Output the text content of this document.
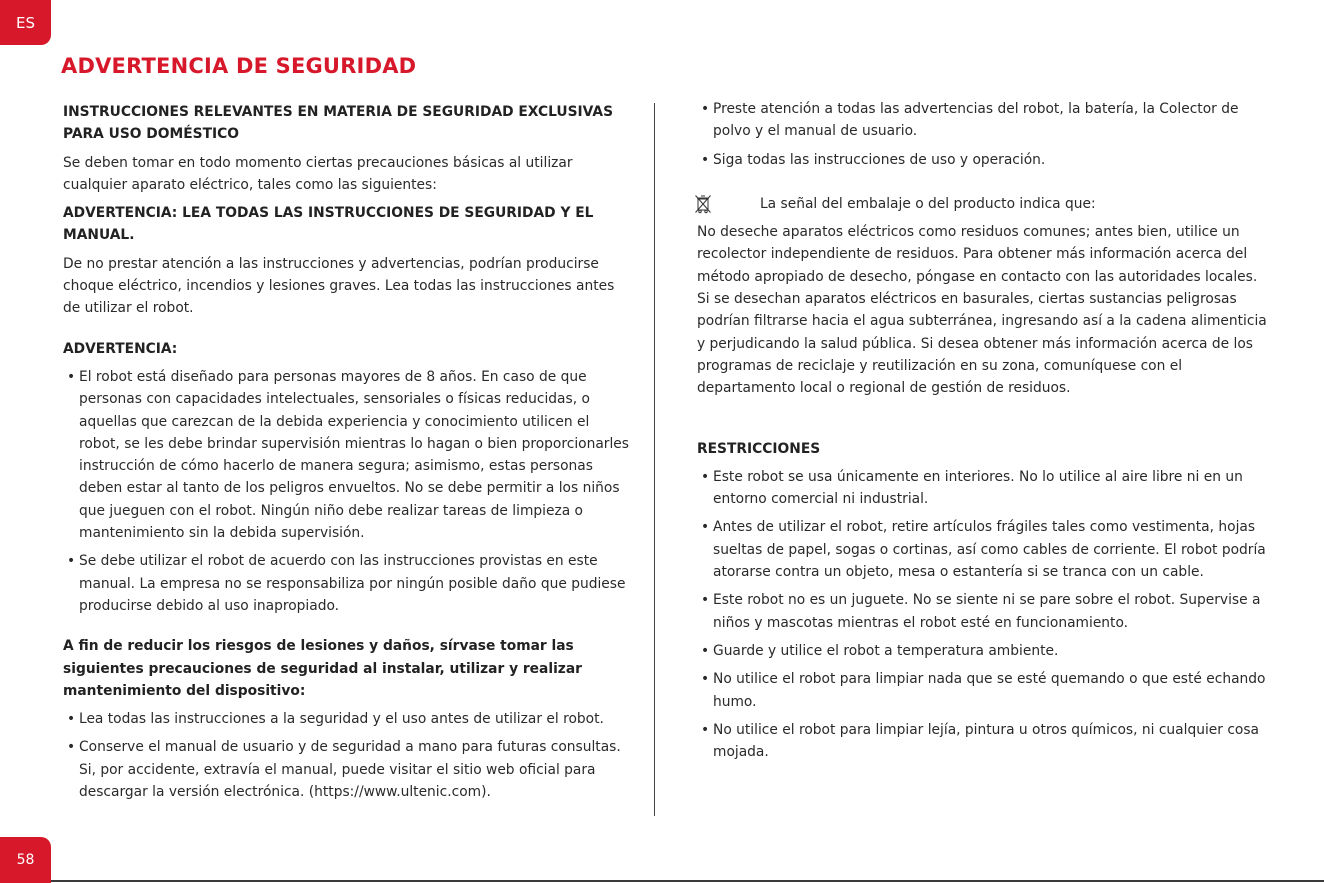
ES
ADVERTENCIA DE SEGURIDAD

INSTRUCCIONES RELEVANTES EN MATERIA DE SEGURIDAD EXCLUSIVAS PARA USO DOMÉSTICO

Se deben tomar en todo momento ciertas precauciones básicas al utilizar cualquier aparato eléctrico, tales como las siguientes:

ADVERTENCIA: LEA TODAS LAS INSTRUCCIONES DE SEGURIDAD Y EL MANUAL.

De no prestar atención a las instrucciones y advertencias, podrían producirse choque eléctrico, incendios y lesiones graves. Lea todas las instrucciones antes de utilizar el robot.

ADVERTENCIA:

• El robot está diseñado para personas mayores de 8 años. En caso de que personas con capacidades intelectuales, sensoriales o físicas reducidas, o aquellas que carezcan de la debida experiencia y conocimiento utilicen el robot, se les debe brindar supervisión mientras lo hagan o bien proporcionarles instrucción de cómo hacerlo de manera segura; asimismo, estas personas deben estar al tanto de los peligros envueltos. No se debe permitir a los niños que jueguen con el robot. Ningún niño debe realizar tareas de limpieza o mantenimiento sin la debida supervisión.
• Se debe utilizar el robot de acuerdo con las instrucciones provistas en este manual. La empresa no se responsabiliza por ningún posible daño que pudiese producirse debido al uso inapropiado.

A fin de reducir los riesgos de lesiones y daños, sírvase tomar las siguientes precauciones de seguridad al instalar, utilizar y realizar mantenimiento del dispositivo:

• Lea todas las instrucciones a la seguridad y el uso antes de utilizar el robot.
• Conserve el manual de usuario y de seguridad a mano para futuras consultas. Si, por accidente, extravía el manual, puede visitar el sitio web oficial para descargar la versión electrónica. (https://www.ultenic.com).
• Preste atención a todas las advertencias del robot, la batería, la Colector de polvo y el manual de usuario.
• Siga todas las instrucciones de uso y operación.
La señal del embalaje o del producto indica que:

No deseche aparatos eléctricos como residuos comunes; antes bien, utilice un recolector independiente de residuos. Para obtener más información acerca del método apropiado de desecho, póngase en contacto con las autoridades locales. Si se desechan aparatos eléctricos en basurales, ciertas sustancias peligrosas podrían filtrarse hacia el agua subterránea, ingresando así a la cadena alimenticia y perjudicando la salud pública. Si desea obtener más información acerca de los programas de reciclaje y reutilización en su zona, comuníquese con el departamento local o regional de gestión de residuos.

RESTRICCIONES

• Este robot se usa únicamente en interiores. No lo utilice al aire libre ni en un entorno comercial ni industrial.
• Antes de utilizar el robot, retire artículos frágiles tales como vestimenta, hojas sueltas de papel, sogas o cortinas, así como cables de corriente. El robot podría atorarse contra un objeto, mesa o estantería si se tranca con un cable.
• Este robot no es un juguete. No se siente ni se pare sobre el robot. Supervise a niños y mascotas mientras el robot esté en funcionamiento.
• Guarde y utilice el robot a temperatura ambiente.
• No utilice el robot para limpiar nada que se esté quemando o que esté echando humo.
• No utilice el robot para limpiar lejía, pintura u otros químicos, ni cualquier cosa mojada.
58
